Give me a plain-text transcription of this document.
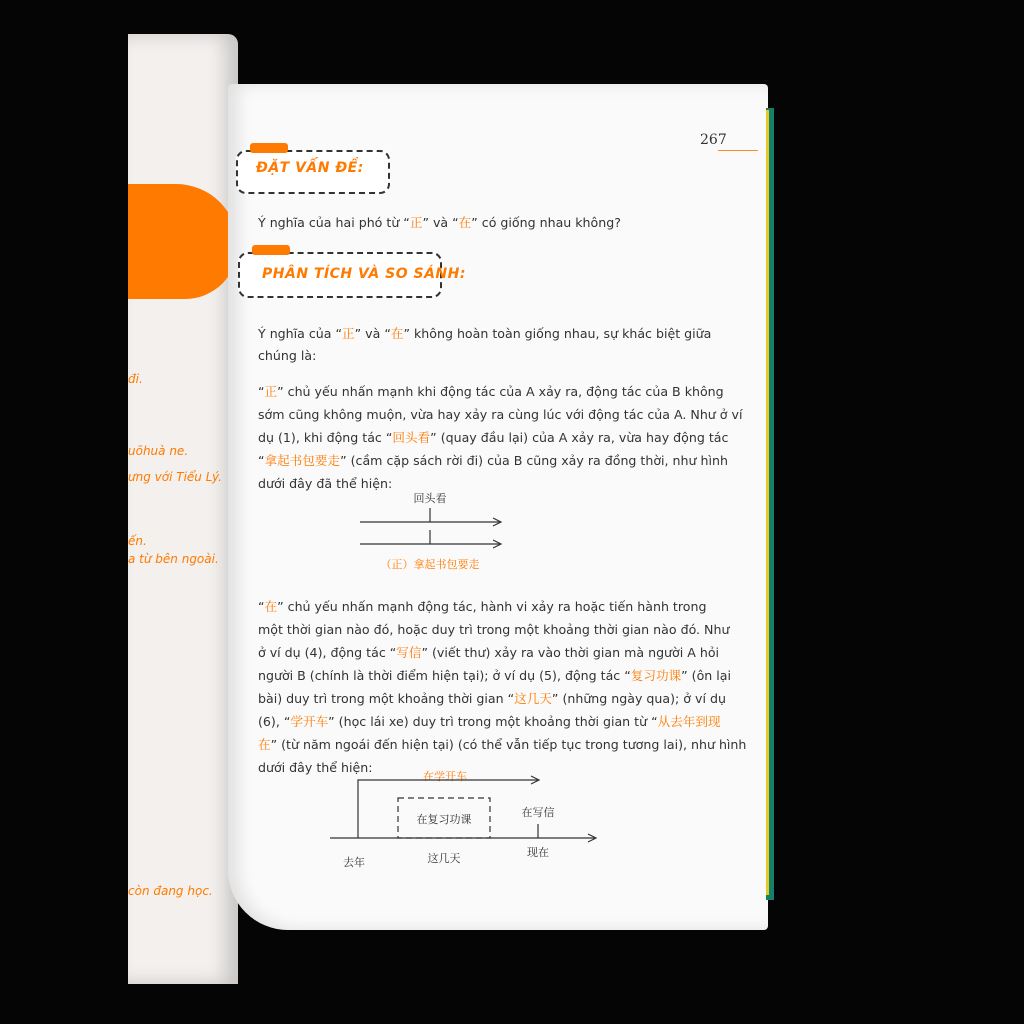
đi.
uōhuà ne.
ưng với Tiểu Lý.
ến.
a từ bên ngoài.
còn đang học.
267
ĐẶT VẤN ĐỀ:
Ý nghĩa của hai phó từ “正” và “在” có giống nhau không?
PHÂN TÍCH VÀ SO SÁNH:
Ý nghĩa của “正” và “在” không hoàn toàn giống nhau, sự khác biệt giữa
chúng là:
“正” chủ yếu nhấn mạnh khi động tác của A xảy ra, động tác của B không
sớm cũng không muộn, vừa hay xảy ra cùng lúc với động tác của A. Như ở ví
dụ (1), khi động tác “回头看” (quay đầu lại) của A xảy ra, vừa hay động tác
“拿起书包要走” (cầm cặp sách rời đi) của B cũng xảy ra đồng thời, như hình
dưới đây đã thể hiện:
回头看
（正）拿起书包要走
“在” chủ yếu nhấn mạnh động tác, hành vi xảy ra hoặc tiến hành trong
một thời gian nào đó, hoặc duy trì trong một khoảng thời gian nào đó. Như
ở ví dụ (4), động tác “写信” (viết thư) xảy ra vào thời gian mà người A hỏi
người B (chính là thời điểm hiện tại); ở ví dụ (5), động tác “复习功课” (ôn lại
bài) duy trì trong một khoảng thời gian “这几天” (những ngày qua); ở ví dụ
(6), “学开车” (học lái xe) duy trì trong một khoảng thời gian từ “从去年到现
在” (từ năm ngoái đến hiện tại) (có thể vẫn tiếp tục trong tương lai), như hình
dưới đây thể hiện:
在学开车
在复习功课
在写信
去年	这几天	现在
